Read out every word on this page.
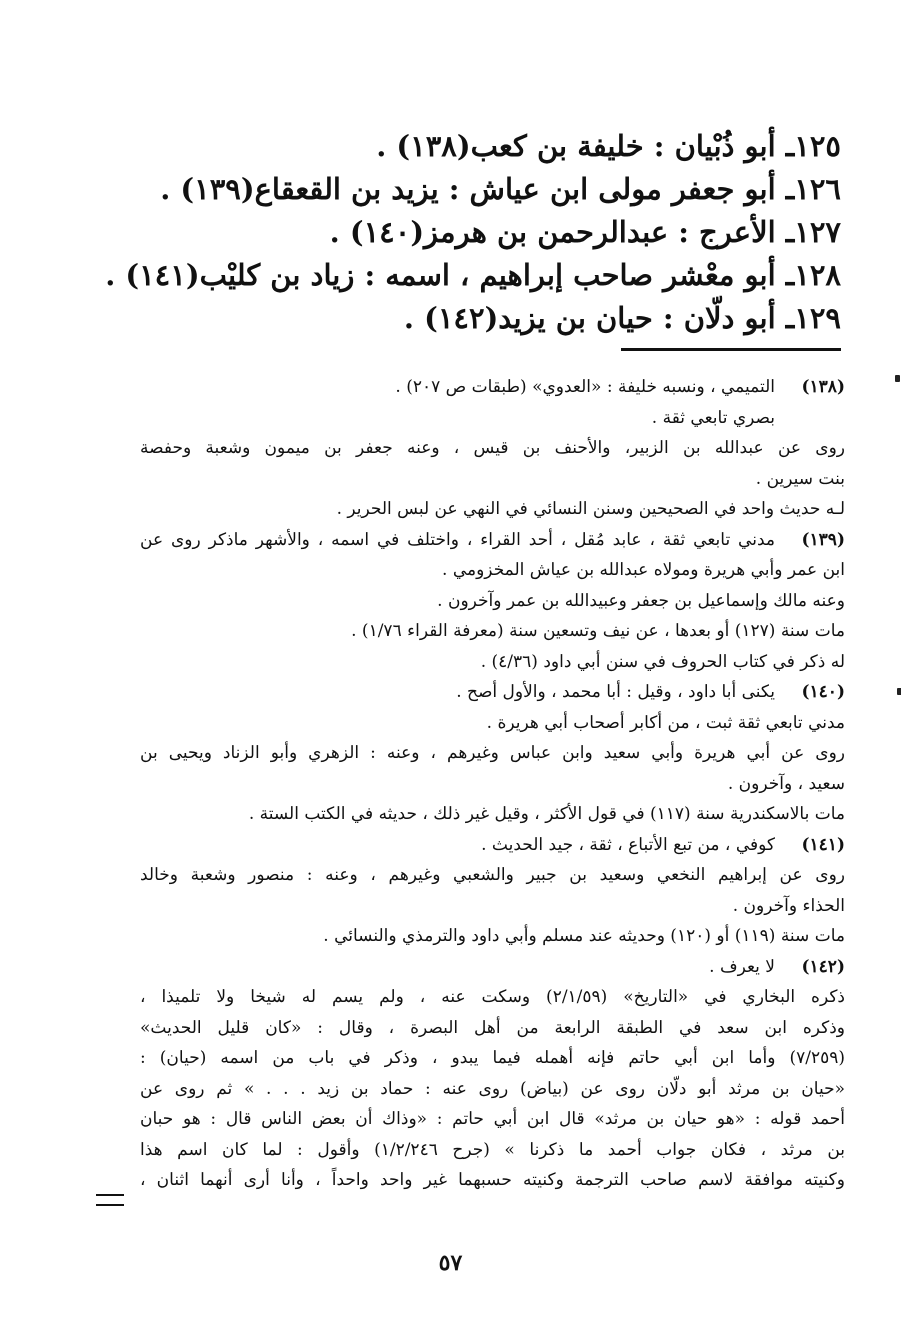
١٢٥ـ أبو ذُبْيان : خليفة بن كعب(١٣٨) .
١٢٦ـ أبو جعفر مولى ابن عياش : يزيد بن القعقاع(١٣٩) .
١٢٧ـ الأعرج : عبدالرحمن بن هرمز(١٤٠) .
١٢٨ـ أبو معْشر صاحب إبراهيم ، اسمه : زياد بن كليْب(١٤١) .
١٢٩ـ أبو دلّان : حيان بن يزيد(١٤٢) .
(١٣٨)
التميمي ، ونسبه خليفة : «العدوي» (طبقات ص ٢٠٧) .
بصري تابعي ثقة .
روى عن عبدالله بن الزبير، والأحنف بن قيس ، وعنه جعفر بن ميمون وشعبة وحفصة
بنت سيرين .
لـه حديث واحد في الصحيحين وسنن النسائي في النهي عن لبس الحرير .
(١٣٩)
مدني تابعي ثقة ، عابد مُقل ، أحد القراء ، واختلف في اسمه ، والأشهر ماذكر روى عن
ابن عمر وأبي هريرة ومولاه عبدالله بن عياش المخزومي .
وعنه مالك وإسماعيل بن جعفر وعبيدالله بن عمر وآخرون .
مات سنة (١٢٧) أو بعدها ، عن نيف وتسعين سنة (معرفة القراء ١/٧٦) .
له ذكر في كتاب الحروف في سنن أبي داود (٤/٣٦) .
(١٤٠)
يكنى أبا داود ، وقيل : أبا محمد ، والأول أصح .
مدني تابعي ثقة ثبت ، من أكابر أصحاب أبي هريرة .
روى عن أبي هريرة وأبي سعيد وابن عباس وغيرهم ، وعنه : الزهري وأبو الزناد ويحيى بن
سعيد ، وآخرون .
مات بالاسكندرية سنة (١١٧) في قول الأكثر ، وقيل غير ذلك ، حديثه في الكتب الستة .
(١٤١)
كوفي ، من تبع الأتباع ، ثقة ، جيد الحديث .
روى عن إبراهيم النخعي وسعيد بن جبير والشعبي وغيرهم ، وعنه : منصور وشعبة وخالد
الحذاء وآخرون .
مات سنة (١١٩) أو (١٢٠) وحديثه عند مسلم وأبي داود والترمذي والنسائي .
(١٤٢)
لا يعرف .
ذكره البخاري في «التاريخ» (٢/١/٥٩) وسكت عنه ، ولم يسم له شيخا ولا تلميذا ،
وذكره ابن سعد في الطبقة الرابعة من أهل البصرة ، وقال : «كان قليل الحديث»
(٧/٢٥٩) وأما ابن أبي حاتم فإنه أهمله فيما يبدو ، وذكر في باب من اسمه (حيان) :
«حيان بن مرثد أبو دلّان روى عن (بياض) روى عنه : حماد بن زيد . . . » ثم روى عن
أحمد قوله : «هو حيان بن مرثد» قال ابن أبي حاتم : «وذاك أن بعض الناس قال : هو حبان
بن مرثد ، فكان جواب أحمد ما ذكرنا » (جرح ١/٢/٢٤٦) وأقول : لما كان اسم هذا
وكنيته موافقة لاسم صاحب الترجمة وكنيته حسبهما غير واحد واحداً ، وأنا أرى أنهما اثنان ،
٥٧
